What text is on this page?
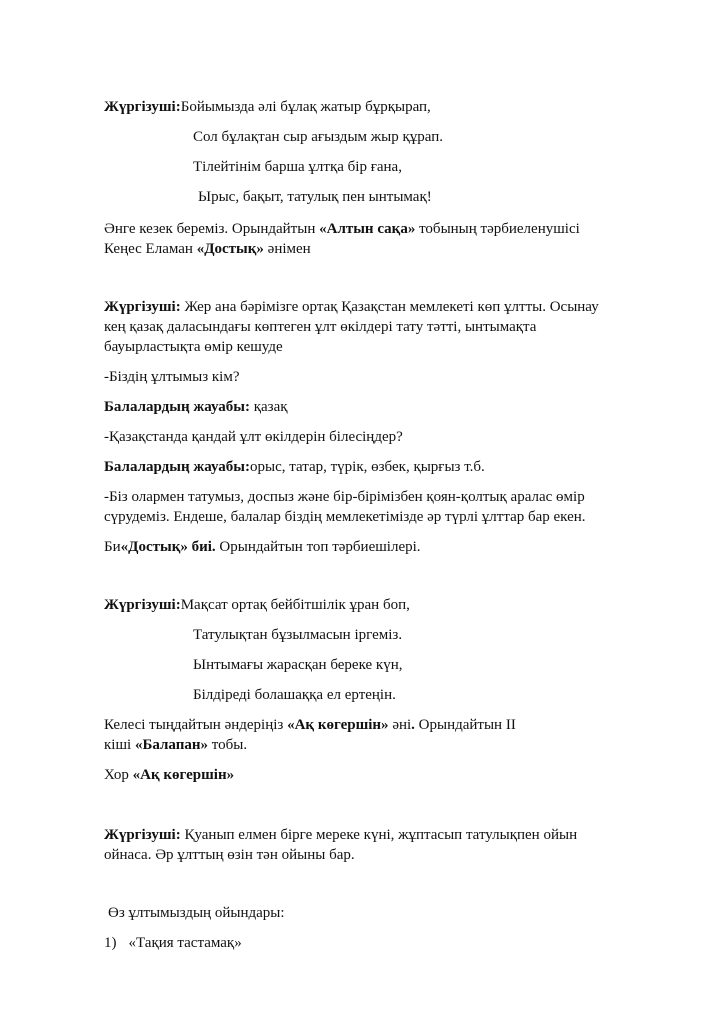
Жүргізуші:Бойымызда әлі бұлақ жатыр бұрқырап,
Сол бұлақтан сыр ағыздым жыр құрап.
Тілейтінім барша ұлтқа бір ғана,
Ырыс, бақыт, татулық пен ынтымақ!
Әнге кезек береміз. Орындайтын «Алтын сақа» тобының тәрбиеленушісі
Кеңес Еламан «Достық» әнімен
Жүргізуші: Жер ана бәрімізге ортақ Қазақстан мемлекеті көп ұлтты. Осынау
кең қазақ даласындағы көптеген ұлт өкілдері тату тәтті, ынтымақта
бауырластықта өмір кешуде
-Біздің ұлтымыз кім?
Балалардың жауабы: қазақ
-Қазақстанда қандай ұлт өкілдерін білесіңдер?
Балалардың жауабы:орыс, татар, түрік, өзбек, қырғыз т.б.
-Біз олармен татумыз, доспыз және бір-бірімізбен қоян-қолтық аралас өмір
сүрудеміз. Ендеше, балалар біздің мемлекетімізде әр түрлі ұлттар бар екен.
Би«Достық» биі. Орындайтын топ тәрбиешілері.
Жүргізуші:Мақсат ортақ бейбітшілік ұран боп,
Татулықтан бұзылмасын іргеміз.
Ынтымағы жарасқан береке күн,
Білдіреді болашаққа ел ертеңін.
Келесі тыңдайтын әндеріңіз «Ақ көгершін» әні. Орындайтын ІІ
кіші «Балапан» тобы.
Хор «Ақ көгершін»
Жүргізуші: Қуанып елмен бірге мереке күні, жұптасып татулықпен ойын
ойнаса. Әр ұлттың өзін тән ойыны бар.
Өз ұлтымыздың ойындары:
1) «Тақия тастамақ»
